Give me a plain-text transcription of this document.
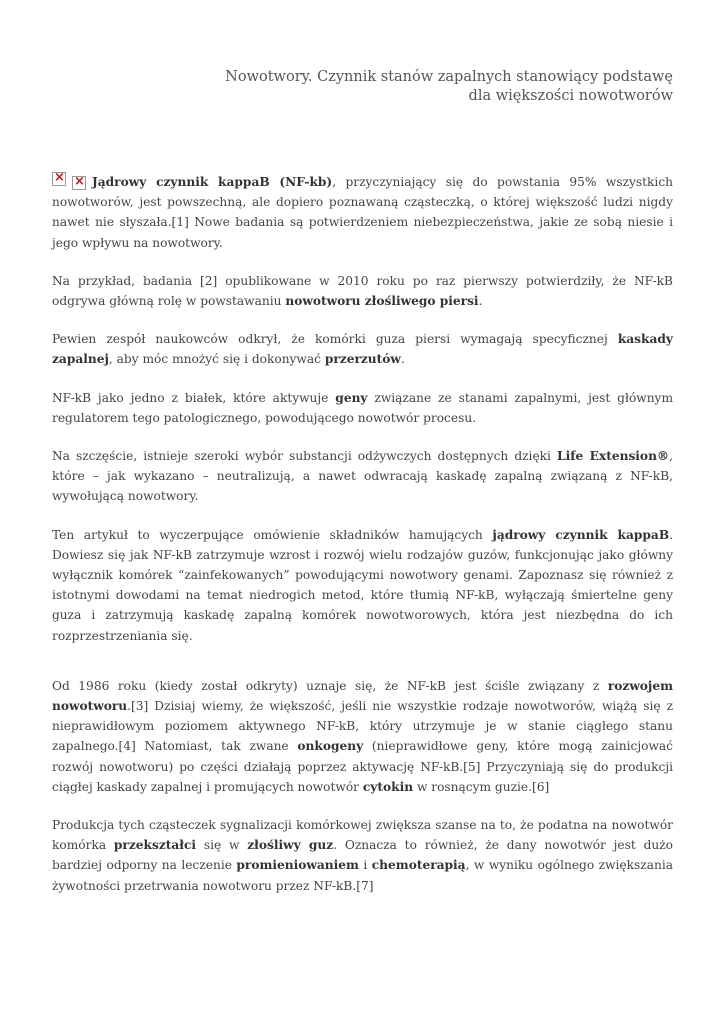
Nowotwory. Czynnik stanów zapalnych stanowiący podstawę dla większości nowotworów

×
×Jądrowy czynnik kappaB (NF-kb), przyczyniający się do powstania 95% wszystkich nowotworów, jest powszechną, ale dopiero poznawaną cząsteczką, o której większość ludzi nigdy nawet nie słyszała.[1] Nowe badania są potwierdzeniem niebezpieczeństwa, jakie ze sobą niesie i jego wpływu na nowotwory.

Na przykład, badania [2] opublikowane w 2010 roku po raz pierwszy potwierdziły, że NF-kB odgrywa główną rolę w powstawaniu nowotworu złośliwego piersi.

Pewien zespół naukowców odkrył, że komórki guza piersi wymagają specyficznej kaskady zapalnej, aby móc mnożyć się i dokonywać przerzutów.

NF-kB jako jedno z białek, które aktywuje geny związane ze stanami zapalnymi, jest głównym regulatorem tego patologicznego, powodującego nowotwór procesu.

Na szczęście, istnieje szeroki wybór substancji odżywczych dostępnych dzięki Life Extension®, które – jak wykazano – neutralizują, a nawet odwracają kaskadę zapalną związaną z NF-kB, wywołującą nowotwory.

Ten artykuł to wyczerpujące omówienie składników hamujących jądrowy czynnik kappaB. Dowiesz się jak NF-kB zatrzymuje wzrost i rozwój wielu rodzajów guzów, funkcjonując jako główny wyłącznik komórek “zainfekowanych” powodującymi nowotwory genami. Zapoznasz się również z istotnymi dowodami na temat niedrogich metod, które tłumią NF-kB, wyłączają śmiertelne geny guza i zatrzymują kaskadę zapalną komórek nowotworowych, która jest niezbędna do ich rozprzestrzeniania się.

Od 1986 roku (kiedy został odkryty) uznaje się, że NF-kB jest ściśle związany z rozwojem nowotworu.[3] Dzisiaj wiemy, że większość, jeśli nie wszystkie rodzaje nowotworów, wiążą się z nieprawidłowym poziomem aktywnego NF-kB, który utrzymuje je w stanie ciągłego stanu zapalnego.[4] Natomiast, tak zwane onkogeny (nieprawidłowe geny, które mogą zainicjować rozwój nowotworu) po części działają poprzez aktywację NF-kB.[5] Przyczyniają się do produkcji ciągłej kaskady zapalnej i promujących nowotwór cytokin w rosnącym guzie.[6]

Produkcja tych cząsteczek sygnalizacji komórkowej zwiększa szanse na to, że podatna na nowotwór komórka przekształci się w złośliwy guz. Oznacza to również, że dany nowotwór jest dużo bardziej odporny na leczenie promieniowaniem i chemoterapią, w wyniku ogólnego zwiększania żywotności przetrwania nowotworu przez NF-kB.[7]
